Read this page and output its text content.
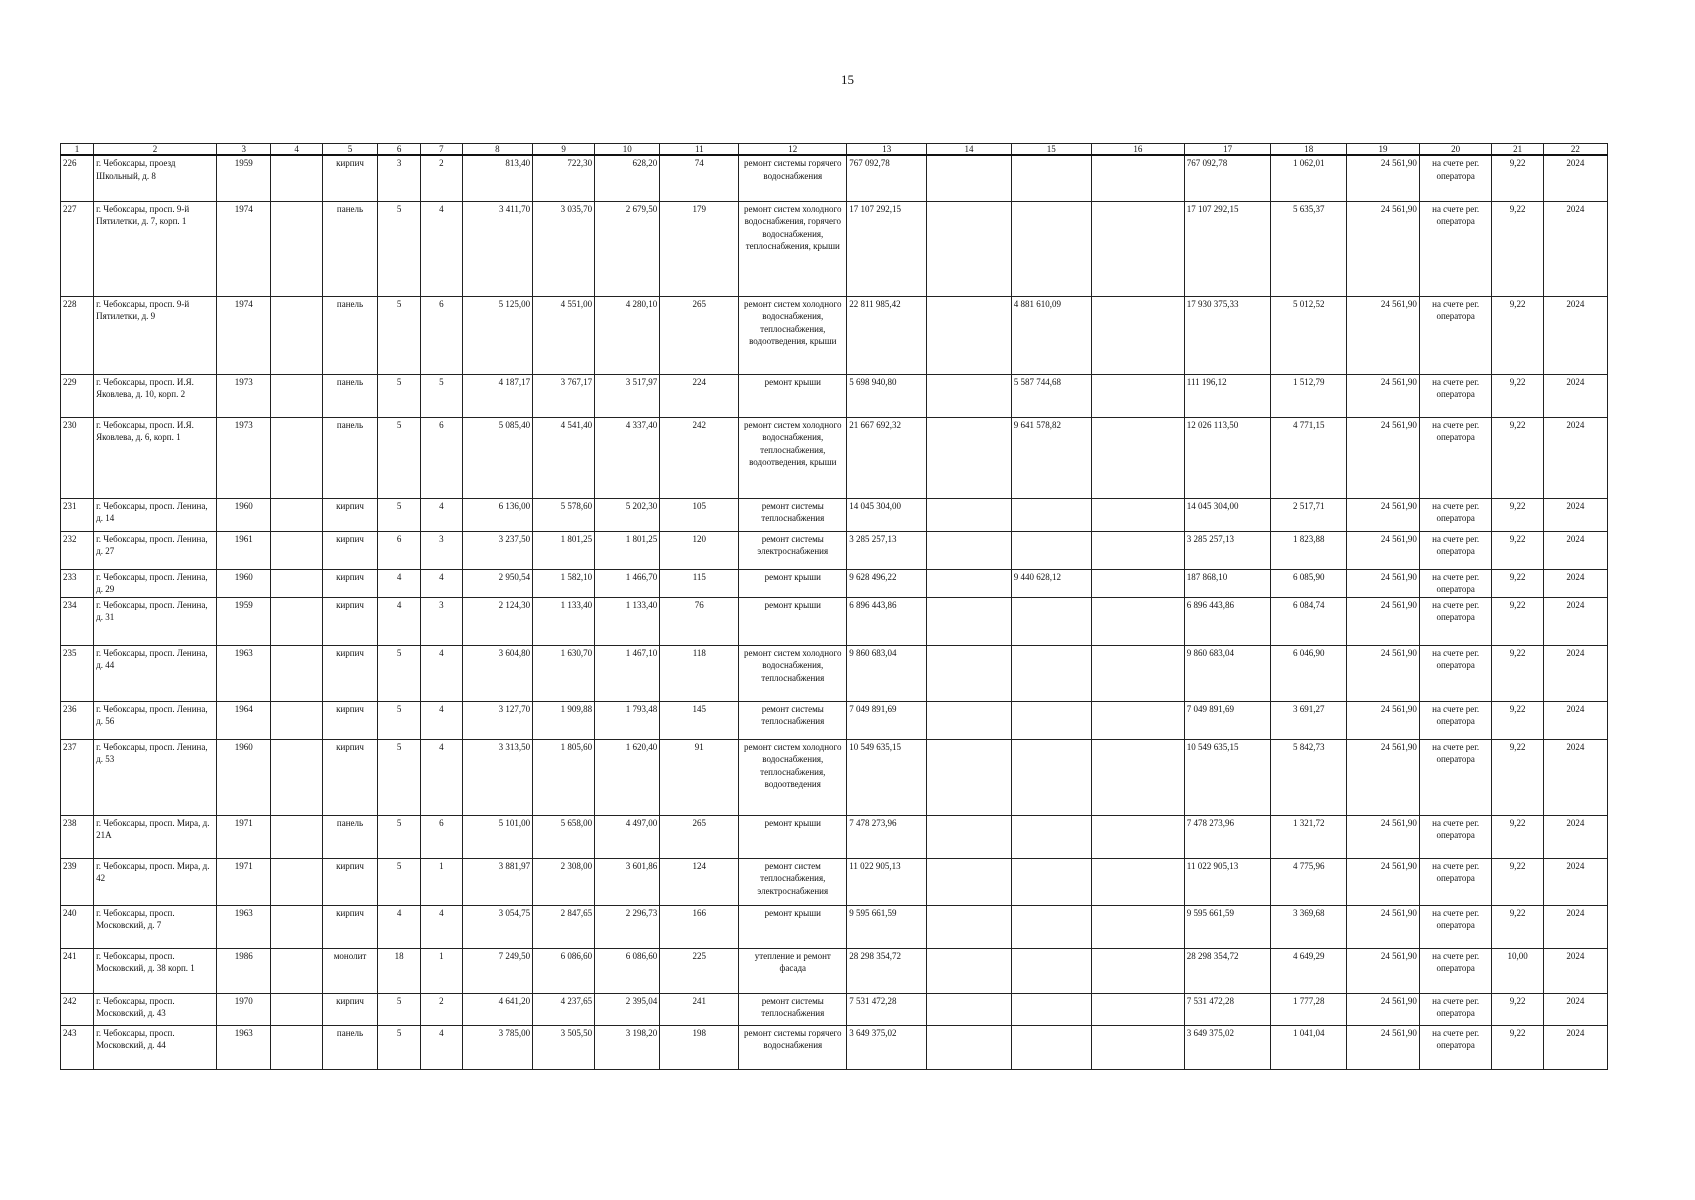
15
1	2	3	4	5	6	7	8	9	10	11	12	13	14	15	16	17	18	19	20	21	22
226	г. Чебоксары, проезд Школьный, д. 8	1959		кирпич	3	2	813,40	722,30	628,20	74	ремонт системы горячего водоснабжения	767 092,78				767 092,78	1 062,01	24 561,90	на счете рег. оператора	9,22	2024
227	г. Чебоксары, просп. 9-й Пятилетки, д. 7, корп. 1	1974		панель	5	4	3 411,70	3 035,70	2 679,50	179	ремонт систем холодного водоснабжения, горячего водоснабжения, теплоснабжения, крыши	17 107 292,15				17 107 292,15	5 635,37	24 561,90	на счете рег. оператора	9,22	2024
228	г. Чебоксары, просп. 9-й Пятилетки, д. 9	1974		панель	5	6	5 125,00	4 551,00	4 280,10	265	ремонт систем холодного водоснабжения, теплоснабжения, водоотведения, крыши	22 811 985,42		4 881 610,09		17 930 375,33	5 012,52	24 561,90	на счете рег. оператора	9,22	2024
229	г. Чебоксары, просп. И.Я. Яковлева, д. 10, корп. 2	1973		панель	5	5	4 187,17	3 767,17	3 517,97	224	ремонт крыши	5 698 940,80		5 587 744,68		111 196,12	1 512,79	24 561,90	на счете рег. оператора	9,22	2024
230	г. Чебоксары, просп. И.Я. Яковлева, д. 6, корп. 1	1973		панель	5	6	5 085,40	4 541,40	4 337,40	242	ремонт систем холодного водоснабжения, теплоснабжения, водоотведения, крыши	21 667 692,32		9 641 578,82		12 026 113,50	4 771,15	24 561,90	на счете рег. оператора	9,22	2024
231	г. Чебоксары, просп. Ленина, д. 14	1960		кирпич	5	4	6 136,00	5 578,60	5 202,30	105	ремонт системы теплоснабжения	14 045 304,00				14 045 304,00	2 517,71	24 561,90	на счете рег. оператора	9,22	2024
232	г. Чебоксары, просп. Ленина, д. 27	1961		кирпич	6	3	3 237,50	1 801,25	1 801,25	120	ремонт системы электроснабжения	3 285 257,13				3 285 257,13	1 823,88	24 561,90	на счете рег. оператора	9,22	2024
233	г. Чебоксары, просп. Ленина, д. 29	1960		кирпич	4	4	2 950,54	1 582,10	1 466,70	115	ремонт крыши	9 628 496,22		9 440 628,12		187 868,10	6 085,90	24 561,90	на счете рег. оператора	9,22	2024
234	г. Чебоксары, просп. Ленина, д. 31	1959		кирпич	4	3	2 124,30	1 133,40	1 133,40	76	ремонт крыши	6 896 443,86				6 896 443,86	6 084,74	24 561,90	на счете рег. оператора	9,22	2024
235	г. Чебоксары, просп. Ленина, д. 44	1963		кирпич	5	4	3 604,80	1 630,70	1 467,10	118	ремонт систем холодного водоснабжения, теплоснабжения	9 860 683,04				9 860 683,04	6 046,90	24 561,90	на счете рег. оператора	9,22	2024
236	г. Чебоксары, просп. Ленина, д. 56	1964		кирпич	5	4	3 127,70	1 909,88	1 793,48	145	ремонт системы теплоснабжения	7 049 891,69				7 049 891,69	3 691,27	24 561,90	на счете рег. оператора	9,22	2024
237	г. Чебоксары, просп. Ленина, д. 53	1960		кирпич	5	4	3 313,50	1 805,60	1 620,40	91	ремонт систем холодного водоснабжения, теплоснабжения, водоотведения	10 549 635,15				10 549 635,15	5 842,73	24 561,90	на счете рег. оператора	9,22	2024
238	г. Чебоксары, просп. Мира, д. 21А	1971		панель	5	6	5 101,00	5 658,00	4 497,00	265	ремонт крыши	7 478 273,96				7 478 273,96	1 321,72	24 561,90	на счете рег. оператора	9,22	2024
239	г. Чебоксары, просп. Мира, д. 42	1971		кирпич	5	1	3 881,97	2 308,00	3 601,86	124	ремонт систем теплоснабжения, электроснабжения	11 022 905,13				11 022 905,13	4 775,96	24 561,90	на счете рег. оператора	9,22	2024
240	г. Чебоксары, просп. Московский, д. 7	1963		кирпич	4	4	3 054,75	2 847,65	2 296,73	166	ремонт крыши	9 595 661,59				9 595 661,59	3 369,68	24 561,90	на счете рег. оператора	9,22	2024
241	г. Чебоксары, просп. Московский, д. 38 корп. 1	1986		монолит	18	1	7 249,50	6 086,60	6 086,60	225	утепление и ремонт фасада	28 298 354,72				28 298 354,72	4 649,29	24 561,90	на счете рег. оператора	10,00	2024
242	г. Чебоксары, просп. Московский, д. 43	1970		кирпич	5	2	4 641,20	4 237,65	2 395,04	241	ремонт системы теплоснабжения	7 531 472,28				7 531 472,28	1 777,28	24 561,90	на счете рег. оператора	9,22	2024
243	г. Чебоксары, просп. Московский, д. 44	1963		панель	5	4	3 785,00	3 505,50	3 198,20	198	ремонт системы горячего водоснабжения	3 649 375,02				3 649 375,02	1 041,04	24 561,90	на счете рег. оператора	9,22	2024
